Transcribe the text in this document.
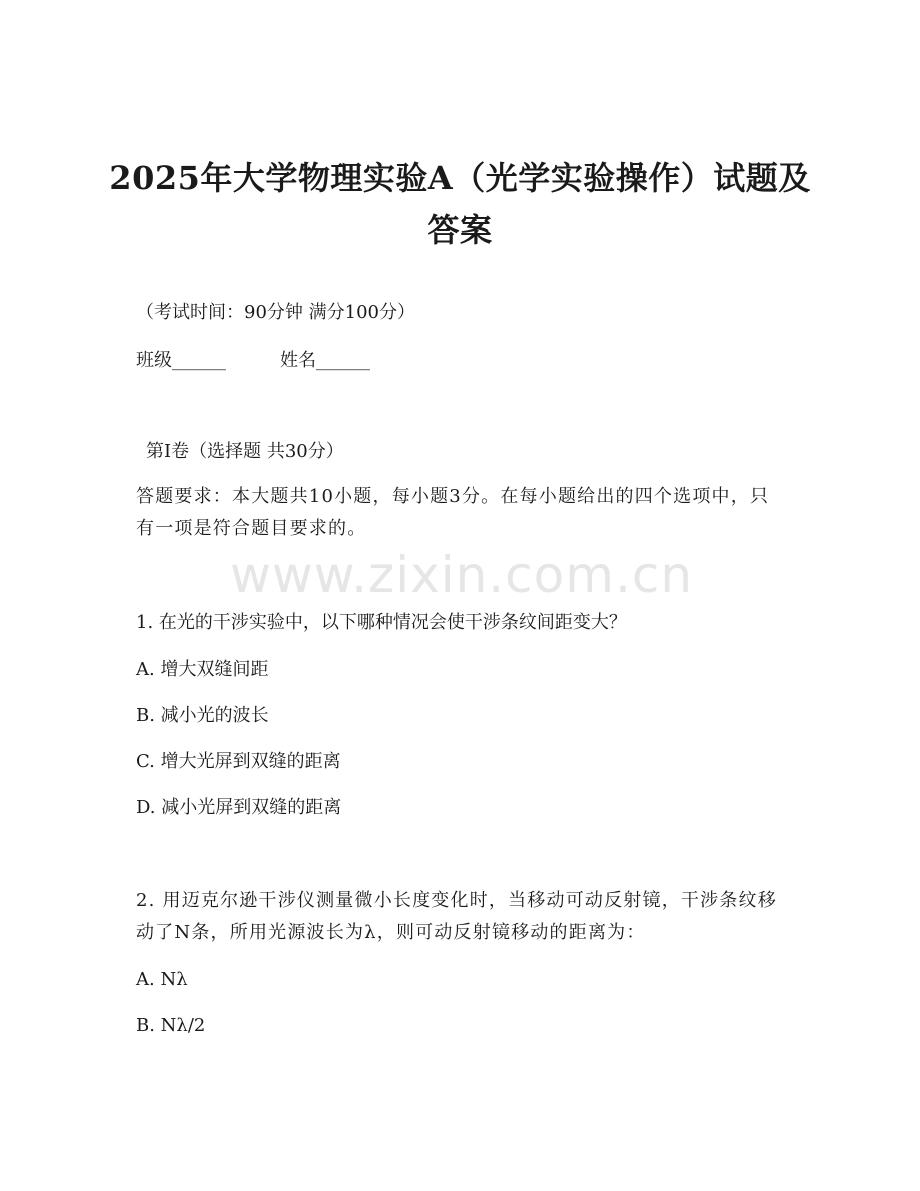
2025年大学物理实验A（光学实验操作）试题及答案
（考试时间：90分钟 满分100分）
班级______	姓名______
第I卷（选择题 共30分）
答题要求：本大题共10小题，每小题3分。在每小题给出的四个选项中，只有一项是符合题目要求的。
www.zixin.com.cn
1. 在光的干涉实验中，以下哪种情况会使干涉条纹间距变大？
A. 增大双缝间距
B. 减小光的波长
C. 增大光屏到双缝的距离
D. 减小光屏到双缝的距离
2. 用迈克尔逊干涉仪测量微小长度变化时，当移动可动反射镜，干涉条纹移动了N条，所用光源波长为λ，则可动反射镜移动的距离为：
A. Nλ
B. Nλ/2
